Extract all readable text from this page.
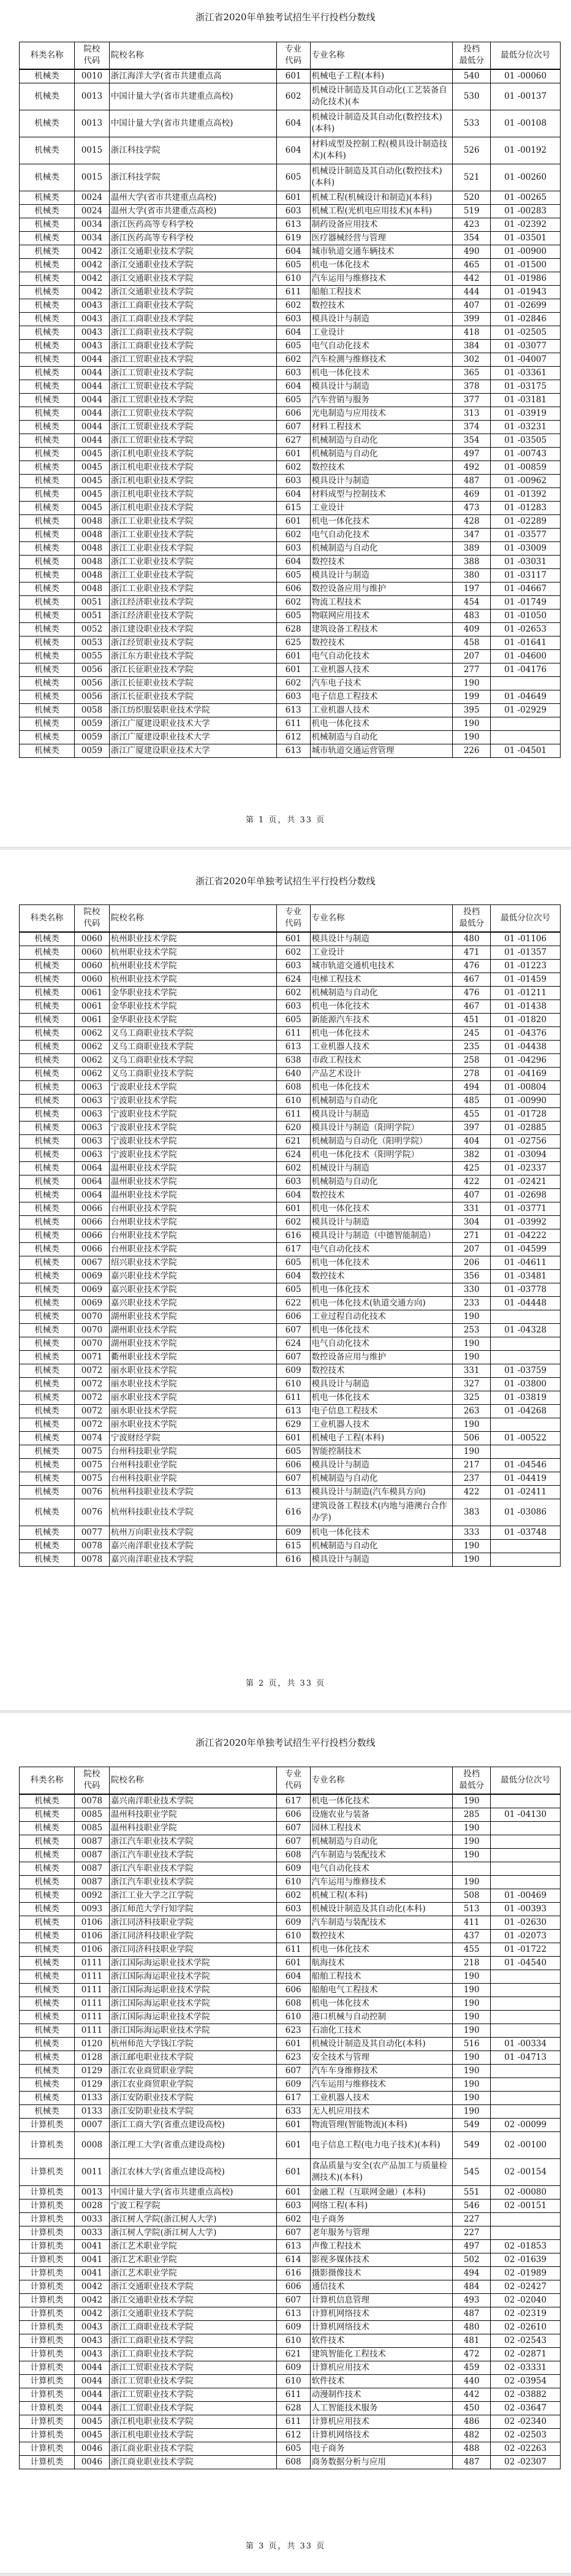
浙江省2020年单独考试招生平行投档分数线
科类名称	院校
代码	院校名称	专业
代码	专业名称	投档
最低分	最低分位次号
机械类	0010	浙江海洋大学(省市共建重点高	601	机械电子工程(本科)	540	01 -00060
机械类	0013	中国计量大学(省市共建重点高校)	602	机械设计制造及其自动化(工艺装备自动化技术)(本	530	01 -00137
机械类	0013	中国计量大学(省市共建重点高校)	604	机械设计制造及其自动化(数控技术)(本科)	533	01 -00108
机械类	0015	浙江科技学院	604	材料成型及控制工程(模具设计制造技术)(本科)	526	01 -00192
机械类	0015	浙江科技学院	605	机械设计制造及其自动化(数控技术)(本科)	521	01 -00260
机械类	0024	温州大学(省市共建重点高校)	601	机械工程(机械设计和制造)(本科)	520	01 -00265
机械类	0024	温州大学(省市共建重点高校)	603	机械工程(光机电应用技术)(本科)	519	01 -00283
机械类	0034	浙江医药高等专科学校	613	制药设备应用技术	423	01 -02392
机械类	0034	浙江医药高等专科学校	619	医疗器械经营与管理	354	01 -03501
机械类	0042	浙江交通职业技术学院	604	城市轨道交通车辆技术	490	01 -00900
机械类	0042	浙江交通职业技术学院	605	机电一体化技术	465	01 -01500
机械类	0042	浙江交通职业技术学院	610	汽车运用与维修技术	442	01 -01986
机械类	0042	浙江交通职业技术学院	611	船舶工程技术	444	01 -01943
机械类	0043	浙江工商职业技术学院	602	数控技术	407	01 -02699
机械类	0043	浙江工商职业技术学院	603	模具设计与制造	399	01 -02846
机械类	0043	浙江工商职业技术学院	604	工业设计	418	01 -02505
机械类	0043	浙江工商职业技术学院	605	电气自动化技术	384	01 -03077
机械类	0044	浙江工贸职业技术学院	602	汽车检测与维修技术	302	01 -04007
机械类	0044	浙江工贸职业技术学院	603	机电一体化技术	365	01 -03361
机械类	0044	浙江工贸职业技术学院	604	模具设计与制造	378	01 -03175
机械类	0044	浙江工贸职业技术学院	605	汽车营销与服务	377	01 -03181
机械类	0044	浙江工贸职业技术学院	606	光电制造与应用技术	313	01 -03919
机械类	0044	浙江工贸职业技术学院	607	材料工程技术	374	01 -03231
机械类	0044	浙江工贸职业技术学院	627	机械制造与自动化	354	01 -03505
机械类	0045	浙江机电职业技术学院	601	机械制造与自动化	497	01 -00743
机械类	0045	浙江机电职业技术学院	602	数控技术	492	01 -00859
机械类	0045	浙江机电职业技术学院	603	模具设计与制造	487	01 -00962
机械类	0045	浙江机电职业技术学院	604	材料成型与控制技术	469	01 -01392
机械类	0045	浙江机电职业技术学院	615	工业设计	473	01 -01283
机械类	0048	浙江工业职业技术学院	601	机电一体化技术	428	01 -02289
机械类	0048	浙江工业职业技术学院	602	电气自动化技术	347	01 -03577
机械类	0048	浙江工业职业技术学院	603	机械制造与自动化	389	01 -03009
机械类	0048	浙江工业职业技术学院	604	数控技术	388	01 -03031
机械类	0048	浙江工业职业技术学院	605	模具设计与制造	380	01 -03117
机械类	0048	浙江工业职业技术学院	606	数控设备应用与维护	197	01 -04667
机械类	0051	浙江经济职业技术学院	602	物流工程技术	454	01 -01749
机械类	0051	浙江经济职业技术学院	605	物联网应用技术	483	01 -01050
机械类	0052	浙江建设职业技术学院	628	建筑设备工程技术	409	01 -02653
机械类	0053	浙江经贸职业技术学院	625	数控技术	458	01 -01641
机械类	0055	浙江东方职业技术学院	601	电气自动化技术	207	01 -04600
机械类	0056	浙江长征职业技术学院	601	工业机器人技术	277	01 -04176
机械类	0056	浙江长征职业技术学院	602	汽车电子技术	190	
机械类	0056	浙江长征职业技术学院	603	电子信息工程技术	199	01 -04649
机械类	0058	浙江纺织服装职业技术学院	613	工业机器人技术	395	01 -02929
机械类	0059	浙江广厦建设职业技术大学	611	机电一体化技术	190	
机械类	0059	浙江广厦建设职业技术大学	612	机械制造与自动化	190	
机械类	0059	浙江广厦建设职业技术大学	613	城市轨道交通运营管理	226	01 -04501
第 1 页，共 33 页
浙江省2020年单独考试招生平行投档分数线
科类名称	院校
代码	院校名称	专业
代码	专业名称	投档
最低分	最低分位次号
机械类	0060	杭州职业技术学院	601	模具设计与制造	480	01 -01106
机械类	0060	杭州职业技术学院	602	工业设计	471	01 -01357
机械类	0060	杭州职业技术学院	603	城市轨道交通机电技术	476	01 -01223
机械类	0060	杭州职业技术学院	624	电梯工程技术	467	01 -01459
机械类	0061	金华职业技术学院	602	机械制造与自动化	476	01 -01211
机械类	0061	金华职业技术学院	603	机电一体化技术	467	01 -01438
机械类	0061	金华职业技术学院	605	新能源汽车技术	451	01 -01820
机械类	0062	义乌工商职业技术学院	611	机电一体化技术	245	01 -04376
机械类	0062	义乌工商职业技术学院	613	工业机器人技术	235	01 -04438
机械类	0062	义乌工商职业技术学院	638	市政工程技术	258	01 -04296
机械类	0062	义乌工商职业技术学院	640	产品艺术设计	278	01 -04169
机械类	0063	宁波职业技术学院	608	机电一体化技术	494	01 -00804
机械类	0063	宁波职业技术学院	610	机械制造与自动化	485	01 -00990
机械类	0063	宁波职业技术学院	611	模具设计与制造	455	01 -01728
机械类	0063	宁波职业技术学院	620	模具设计与制造（阳明学院）	397	01 -02885
机械类	0063	宁波职业技术学院	621	机械制造与自动化（阳明学院）	404	01 -02756
机械类	0063	宁波职业技术学院	624	机电一体化技术（阳明学院）	382	01 -03094
机械类	0064	温州职业技术学院	602	机械设计与制造	425	01 -02337
机械类	0064	温州职业技术学院	603	机械制造与自动化	422	01 -02421
机械类	0064	温州职业技术学院	604	数控技术	407	01 -02698
机械类	0066	台州职业技术学院	601	机电一体化技术	331	01 -03771
机械类	0066	台州职业技术学院	602	模具设计与制造	304	01 -03992
机械类	0066	台州职业技术学院	616	模具设计与制造（中德智能制造）	271	01 -04222
机械类	0066	台州职业技术学院	617	电气自动化技术	207	01 -04599
机械类	0067	绍兴职业技术学院	605	机电一体化技术	206	01 -04611
机械类	0069	嘉兴职业技术学院	604	数控技术	356	01 -03481
机械类	0069	嘉兴职业技术学院	605	机电一体化技术	330	01 -03778
机械类	0069	嘉兴职业技术学院	622	机电一体化技术(轨道交通方向)	233	01 -04448
机械类	0070	湖州职业技术学院	606	工业过程自动化技术	190	
机械类	0070	湖州职业技术学院	607	机电一体化技术	253	01 -04328
机械类	0070	湖州职业技术学院	624	电气自动化技术	190	
机械类	0071	衢州职业技术学院	607	数控设备应用与维护	190	
机械类	0072	丽水职业技术学院	609	数控技术	331	01 -03759
机械类	0072	丽水职业技术学院	610	模具设计与制造	327	01 -03800
机械类	0072	丽水职业技术学院	611	机电一体化技术	325	01 -03819
机械类	0072	丽水职业技术学院	613	电子信息工程技术	263	01 -04268
机械类	0072	丽水职业技术学院	629	工业机器人技术	190	
机械类	0074	宁波财经学院	601	机械电子工程(本科)	506	01 -00522
机械类	0075	台州科技职业学院	605	智能控制技术	190	
机械类	0075	台州科技职业学院	606	模具设计与制造	217	01 -04546
机械类	0075	台州科技职业学院	607	机械制造与自动化	237	01 -04419
机械类	0076	杭州科技职业技术学院	613	模具设计与制造(汽车模具方向)	422	01 -02411
机械类	0076	杭州科技职业技术学院	616	建筑设备工程技术(内地与港澳台合作办学)	383	01 -03086
机械类	0077	杭州万向职业技术学院	609	机电一体化技术	333	01 -03748
机械类	0078	嘉兴南洋职业技术学院	615	机械制造与自动化	190	
机械类	0078	嘉兴南洋职业技术学院	616	模具设计与制造	190	
第 2 页，共 33 页
浙江省2020年单独考试招生平行投档分数线
科类名称	院校
代码	院校名称	专业
代码	专业名称	投档
最低分	最低分位次号
机械类	0078	嘉兴南洋职业技术学院	617	机电一体化技术	190	
机械类	0085	温州科技职业学院	606	设施农业与装备	285	01 -04130
机械类	0085	温州科技职业学院	607	园林工程技术	190	
机械类	0087	浙江汽车职业技术学院	607	机械制造与自动化	190	
机械类	0087	浙江汽车职业技术学院	608	汽车制造与装配技术	190	
机械类	0087	浙江汽车职业技术学院	609	电气自动化技术		
机械类	0087	浙江汽车职业技术学院	610	汽车运用与维修技术	190	
机械类	0092	浙江工业大学之江学院	602	机械工程(本科)	508	01 -00469
机械类	0093	浙江师范大学行知学院	603	机械设计制造及其自动化(本科)	513	01 -00393
机械类	0106	浙江同济科技职业学院	609	汽车制造与装配技术	411	01 -02630
机械类	0106	浙江同济科技职业学院	610	数控技术	437	01 -02073
机械类	0106	浙江同济科技职业学院	611	机电一体化技术	455	01 -01722
机械类	0111	浙江国际海运职业技术学院	601	航海技术	218	01 -04540
机械类	0111	浙江国际海运职业技术学院	604	船舶工程技术	190	
机械类	0111	浙江国际海运职业技术学院	606	船舶电气工程技术	190	
机械类	0111	浙江国际海运职业技术学院	608	机电一体化技术	190	
机械类	0111	浙江国际海运职业技术学院	610	港口机械与自动控制	190	
机械类	0111	浙江国际海运职业技术学院	623	石油化工技术	190	
机械类	0120	杭州师范大学钱江学院	601	机械设计制造及其自动化(本科)	516	01 -00334
机械类	0128	浙江邮电职业技术学院	623	安全技术与管理	190	01 -04713
机械类	0129	浙江农业商贸职业学院	607	汽车车身维修技术	190	
机械类	0129	浙江农业商贸职业学院	609	汽车运用与维修技术	190	
机械类	0133	浙江安防职业技术学院	617	工业机器人技术	190	
机械类	0133	浙江安防职业技术学院	633	无人机应用技术	190	
计算机类	0007	浙江工商大学(省重点建设高校)	601	物流管理(智能物流)(本科)	549	02 -00099
计算机类	0008	浙江理工大学(省重点建设高校)	601	电子信息工程(电力电子技术)(本科)	549	02 -00100
计算机类	0011	浙江农林大学(省重点建设高校)	601	食品质量与安全(农产品加工与质量检测技术)(本科)	545	02 -00154
计算机类	0013	中国计量大学(省市共建重点高校)	601	金融工程（互联网金融）(本科)	551	02 -00080
计算机类	0028	宁波工程学院	603	网络工程(本科)	546	02 -00151
计算机类	0033	浙江树人学院(浙江树人大学)	602	电子商务	227	
计算机类	0033	浙江树人学院(浙江树人大学)	607	老年服务与管理	227	
计算机类	0041	浙江艺术职业学院	613	声像工程技术	497	02 -01853
计算机类	0041	浙江艺术职业学院	614	影视多媒体技术	502	02 -01639
计算机类	0041	浙江艺术职业学院	616	摄影摄像技术	494	02 -01989
计算机类	0042	浙江交通职业技术学院	606	通信技术	484	02 -02427
计算机类	0042	浙江交通职业技术学院	607	计算机信息管理	493	02 -02040
计算机类	0042	浙江交通职业技术学院	613	计算机网络技术	487	02 -02319
计算机类	0043	浙江工商职业技术学院	609	计算机网络技术	480	02 -02610
计算机类	0043	浙江工商职业技术学院	610	软件技术	481	02 -02543
计算机类	0043	浙江工商职业技术学院	621	建筑智能化工程技术	472	02 -02871
计算机类	0044	浙江工贸职业技术学院	609	计算机应用技术	459	02 -03331
计算机类	0044	浙江工贸职业技术学院	610	软件技术	440	02 -03954
计算机类	0044	浙江工贸职业技术学院	611	动漫制作技术	442	02 -03882
计算机类	0044	浙江工贸职业技术学院	628	人工智能技术服务	450	02 -03647
计算机类	0045	浙江机电职业技术学院	611	计算机应用技术	486	02 -02340
计算机类	0045	浙江机电职业技术学院	612	计算机网络技术	482	02 -02503
计算机类	0046	浙江商业职业技术学院	605	电子商务	488	02 -02263
计算机类	0046	浙江商业职业技术学院	608	商务数据分析与应用	487	02 -02307
第 3 页，共 33 页
